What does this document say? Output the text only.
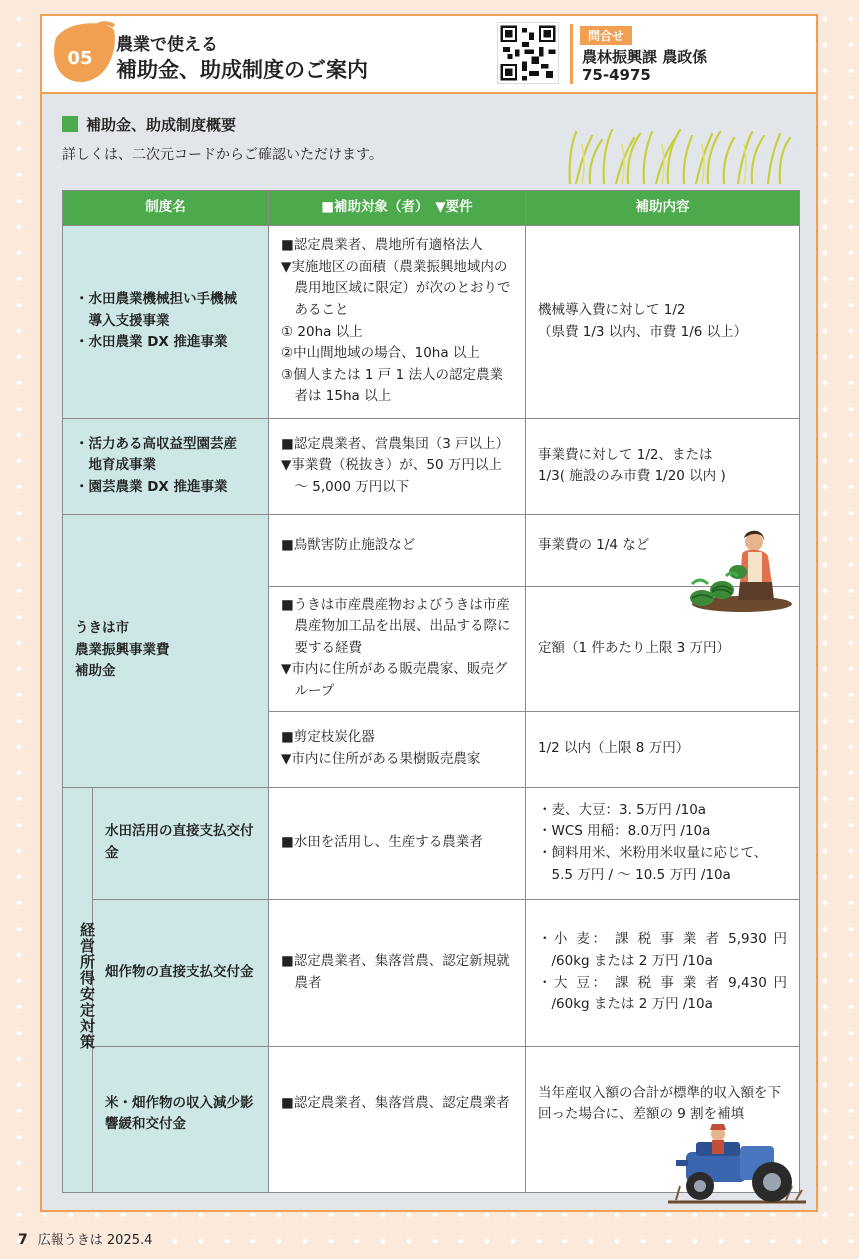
05
農業で使える
補助金、助成制度のご案内
問合せ
農林振興課 農政係
75-4975
補助金、助成制度概要
詳しくは、二次元コードからご確認いただけます。
制度名		■補助対象（者）　▼要件	補助内容

・水田農業機械担い手機械
　導入支援事業
・水田農業 DX 推進事業		■認定農業者、農地所有適格法人
▼実施地区の面積（農業振興地域内の農用地区域に限定）が次のとおりであること
① 20ha 以上
②中山間地域の場合、10ha 以上
③個人または 1 戸 1 法人の認定農業者は 15ha 以上	機械導入費に対して 1/2
（県費 1/3 以内、市費 1/6 以上）

・活力ある高収益型園芸産
　地育成事業
・園芸農業 DX 推進事業		■認定農業者、営農集団（3 戸以上）
▼事業費（税抜き）が、50 万円以上～ 5,000 万円以下	事業費に対して 1/2、または
1/3( 施設のみ市費 1/20 以内 )

うきは市
農業振興事業費
補助金		■鳥獣害防止施設など	事業費の 1/4 など

		■うきは市産農産物およびうきは市産農産物加工品を出展、出品する際に要する経費
▼市内に住所がある販売農家、販売グループ	定額（1 件あたり上限 3 万円）

		■剪定枝炭化器
▼市内に住所がある果樹販売農家	1/2 以内（上限 8 万円）

経営所得安定対策	水田活用の直接支払交付金	■水田を活用し、生産する農業者	・麦、大豆：3. 5万円 /10a
・WCS 用稲：8.0万円 /10a
・飼料用米、米粉用米収量に応じて、5.5 万円 / ～ 10.5 万円 /10a

	畑作物の直接支払交付金	■認定農業者、集落営農、認定新規就農者	・小 麦： 課 税 事 業 者 5,930 円 /60kg または 2 万円 /10a
・大 豆： 課 税 事 業 者 9,430 円 /60kg または 2 万円 /10a

	米・畑作物の収入減少影響緩和交付金	■認定農業者、集落営農、認定農業者	当年産収入額の合計が標準的収入額を下回った場合に、差額の 9 割を補填
7 広報うきは 2025.4
